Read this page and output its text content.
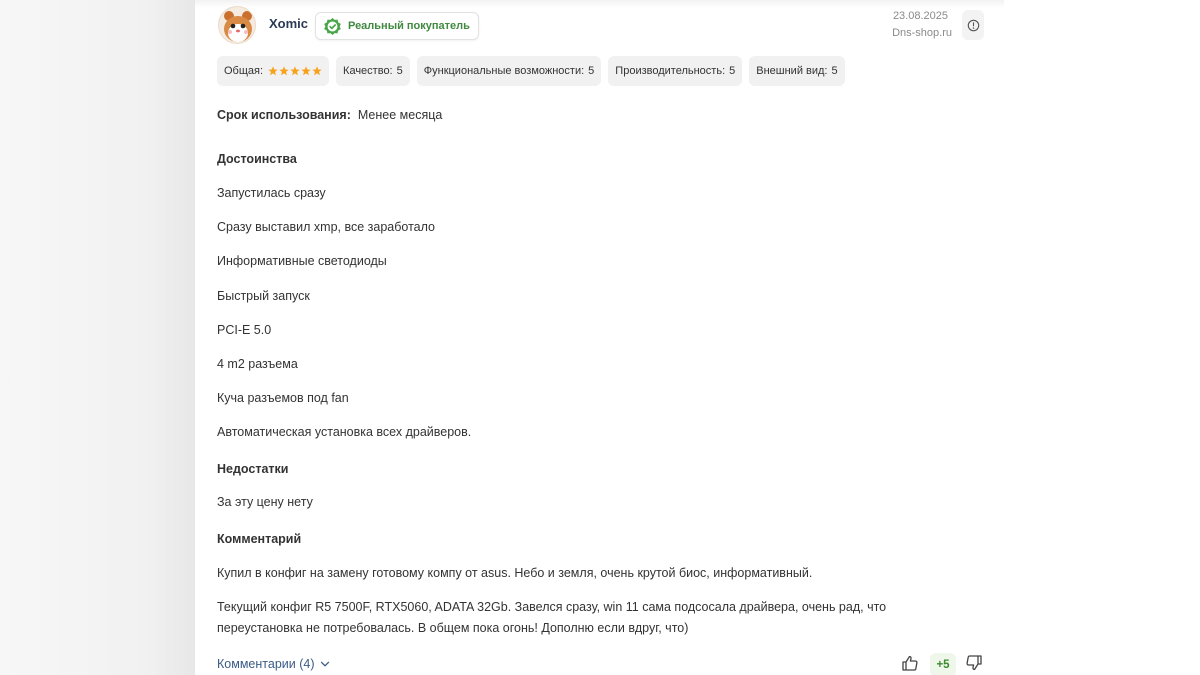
Xomic	Реальный покупатель
23.08.2025
Dns-shop.ru
Общая:	Качество: 5 Функциональные возможности: 5 Производительность: 5 Внешний вид: 5
Срок использования: Менее месяца
Достоинства
Запустилась сразу
Сразу выставил xmp, все заработало
Информативные светодиоды
Быстрый запуск
PCI-E 5.0
4 m2 разъема
Куча разъемов под fan
Автоматическая установка всех драйверов.
Недостатки
За эту цену нету
Комментарий
Купил в конфиг на замену готовому компу от asus. Небо и земля, очень крутой биос, информативный.
Текущий конфиг R5 7500F, RTX5060, ADATA 32Gb. Завелся сразу, win 11 сама подсосала драйвера, очень рад, что
переустановка не потребовалась. В общем пока огонь! Дополню если вдруг, что)
Комментарии (4)	+5
